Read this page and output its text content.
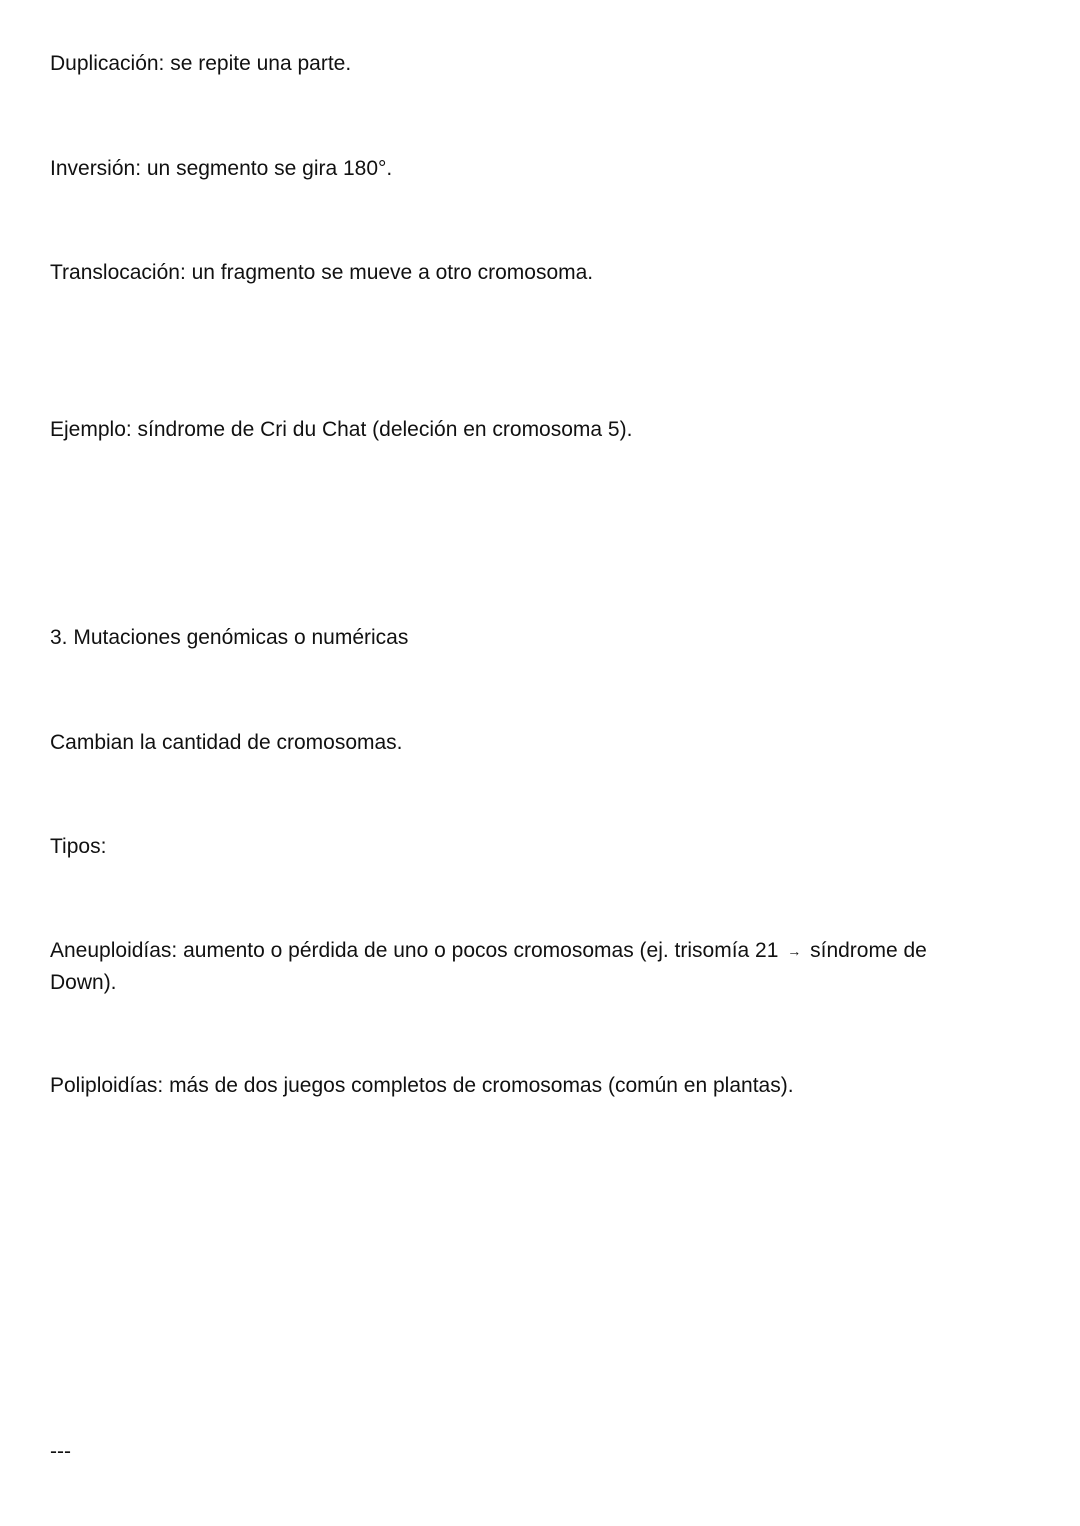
Duplicación: se repite una parte.

Inversión: un segmento se gira 180°.

Translocación: un fragmento se mueve a otro cromosoma.

Ejemplo: síndrome de Cri du Chat (deleción en cromosoma 5).

3. Mutaciones genómicas o numéricas

Cambian la cantidad de cromosomas.

Tipos:

Aneuploidías: aumento o pérdida de uno o pocos cromosomas (ej. trisomía 21 → síndrome de Down).

Poliploidías: más de dos juegos completos de cromosomas (común en plantas).

---
